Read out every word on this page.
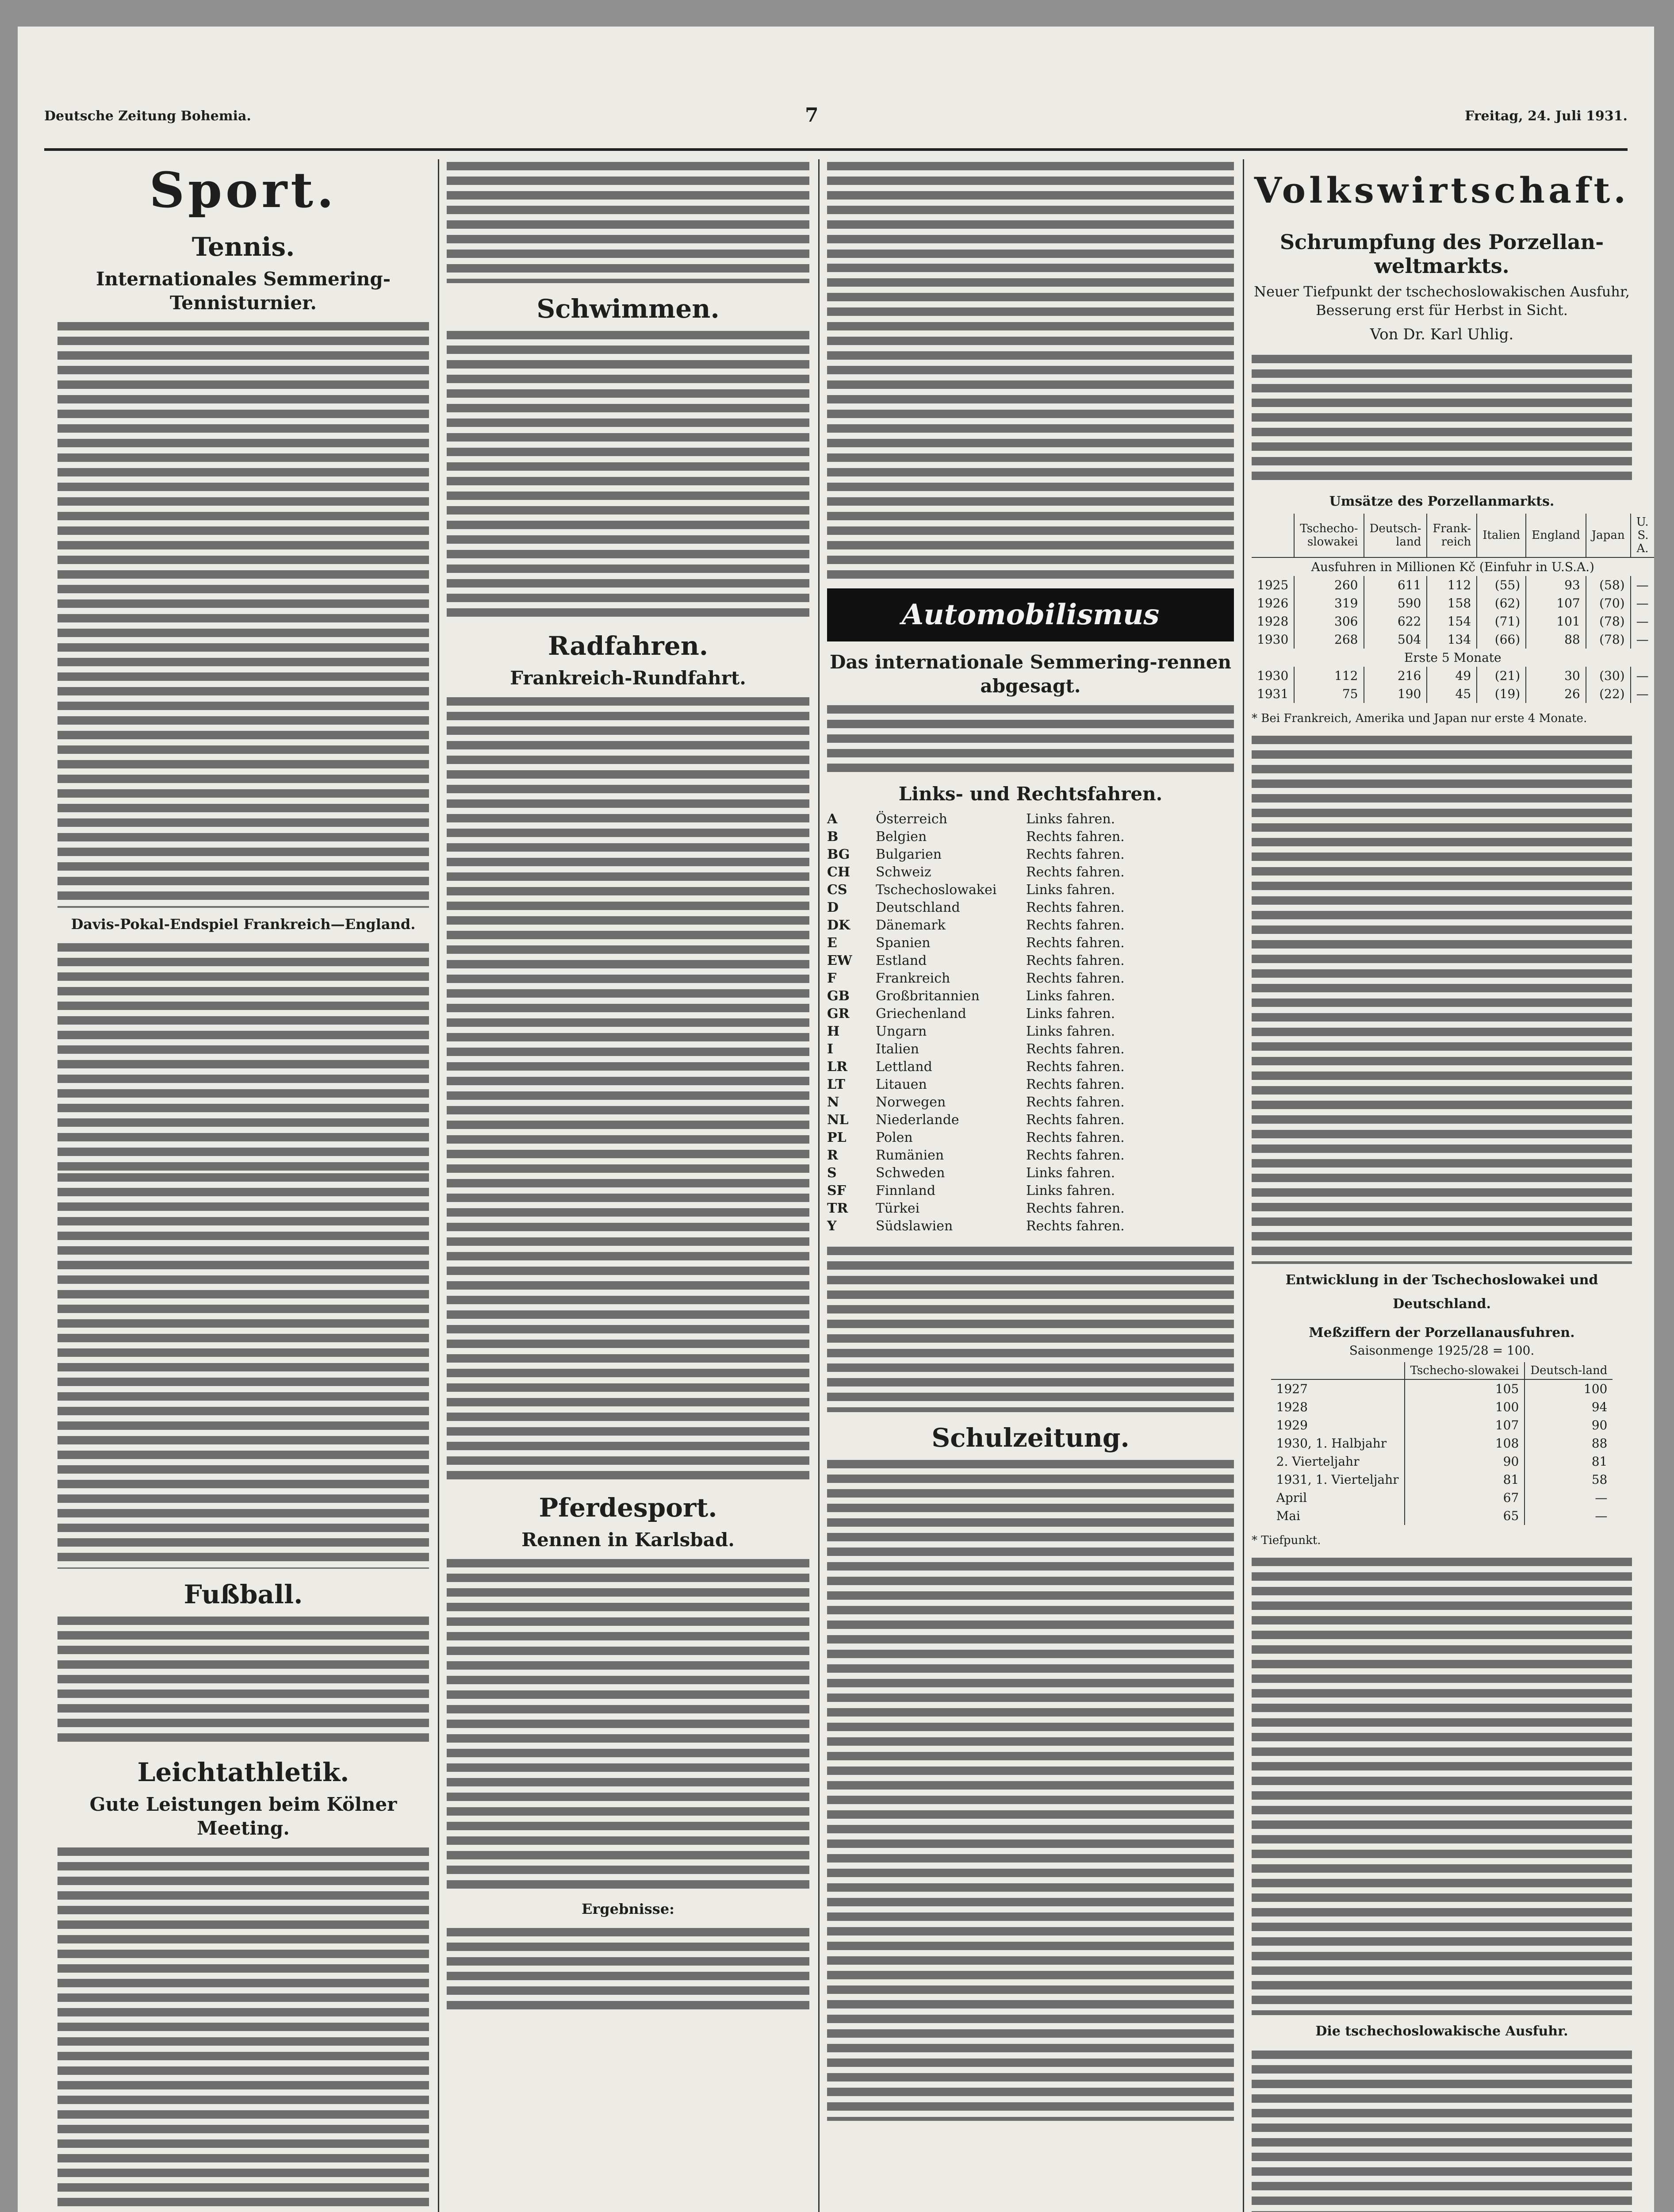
Deutsche Zeitung Bohemia.	7	Freitag, 24. Juli 1931.
Sport.
Tennis.
Internationales Semmering-Tennisturnier.
Davis-Pokal-Endspiel Frankreich—England.
Fußball.
Leichtathletik.
Gute Leistungen beim Kölner Meeting.
Schwimmen.
Radfahren.
Frankreich-Rundfahrt.
Pferdesport.
Rennen in Karlsbad.
Ergebnisse:
Automobilismus
Das internationale Semmering-rennen abgesagt.
Links- und Rechtsfahren.
A	Österreich	Links fahren.
B	Belgien	Rechts fahren.
BG	Bulgarien	Rechts fahren.
CH	Schweiz	Rechts fahren.
CS	Tschechoslowakei	Links fahren.
D	Deutschland	Rechts fahren.
DK	Dänemark	Rechts fahren.
E	Spanien	Rechts fahren.
EW	Estland	Rechts fahren.
F	Frankreich	Rechts fahren.
GB	Großbritannien	Links fahren.
GR	Griechenland	Links fahren.
H	Ungarn	Links fahren.
I	Italien	Rechts fahren.
LR	Lettland	Rechts fahren.
LT	Litauen	Rechts fahren.
N	Norwegen	Rechts fahren.
NL	Niederlande	Rechts fahren.
PL	Polen	Rechts fahren.
R	Rumänien	Rechts fahren.
S	Schweden	Links fahren.
SF	Finnland	Links fahren.
TR	Türkei	Rechts fahren.
Y	Südslawien	Rechts fahren.
Schulzeitung.
Volkswirtschaft.
Schrumpfung des Porzellan-weltmarkts.
Neuer Tiefpunkt der tschechoslowakischen Ausfuhr, Besserung erst für Herbst in Sicht.
Von Dr. Karl Uhlig.
Umsätze des Porzellanmarkts.
	Tschecho-slowakei	Deutsch-land	Frank-reich	Italien	England	Japan	U. S. A.
Ausfuhren in Millionen Kč (Einfuhr in U.S.A.)							
1925	260	611	112	(55)	93	(58)	—
1926	319	590	158	(62)	107	(70)	—
1928	306	622	154	(71)	101	(78)	—
1930	268	504	134	(66)	88	(78)	—
Erste 5 Monate							
1930	112	216	49	(21)	30	(30)	—
1931	75	190	45	(19)	26	(22)	—
* Bei Frankreich, Amerika und Japan nur erste 4 Monate.
Entwicklung in der Tschechoslowakei und Deutschland.
Meßziffern der Porzellanausfuhren.
Saisonmenge 1925/28 = 100.
	Tschecho-slowakei	Deutsch-land
1927	105	100
1928	100	94
1929	107	90
1930, 1. Halbjahr	108	88
2. Vierteljahr	90	81
1931, 1. Vierteljahr	81	58
April	67	—
Mai	65	—
* Tiefpunkt.
Die tschechoslowakische Ausfuhr.
